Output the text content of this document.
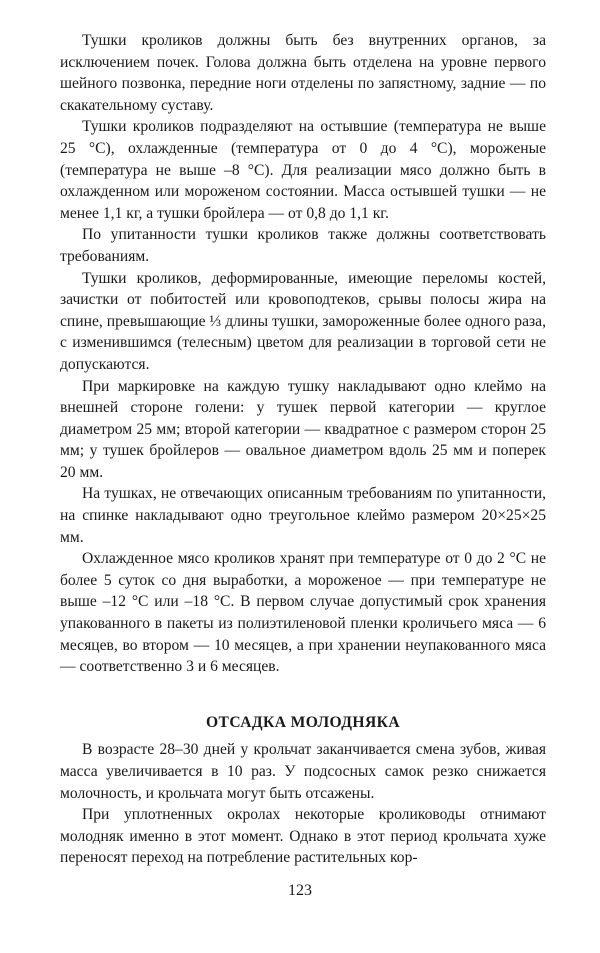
Тушки кроликов должны быть без внутренних органов, за исключением почек. Голова должна быть отделена на уровне первого шейного позвонка, передние ноги отделены по запястному, задние — по скакательному суставу.

Тушки кроликов подразделяют на остывшие (температура не выше 25 °С), охлажденные (температура от 0 до 4 °С), мороженые (температура не выше –8 °С). Для реализации мясо должно быть в охлажденном или мороженом состоянии. Масса остывшей тушки — не менее 1,1 кг, а тушки бройлера — от 0,8 до 1,1 кг.

По упитанности тушки кроликов также должны соответствовать требованиям.

Тушки кроликов, деформированные, имеющие переломы костей, зачистки от побитостей или кровоподтеков, срывы полосы жира на спине, превышающие ⅓ длины тушки, замороженные более одного раза, с изменившимся (телесным) цветом для реализации в торговой сети не допускаются.

При маркировке на каждую тушку накладывают одно клеймо на внешней стороне голени: у тушек первой категории — круглое диаметром 25 мм; второй категории — квадратное с размером сторон 25 мм; у тушек бройлеров — овальное диаметром вдоль 25 мм и поперек 20 мм.

На тушках, не отвечающих описанным требованиям по упитанности, на спинке накладывают одно треугольное клеймо размером 20×25×25 мм.

Охлажденное мясо кроликов хранят при температуре от 0 до 2 °С не более 5 суток со дня выработки, а мороженое — при температуре не выше –12 °С или –18 °С. В первом случае допустимый срок хранения упакованного в пакеты из полиэтиленовой пленки кроличьего мяса — 6 месяцев, во втором — 10 месяцев, а при хранении неупакованного мяса — соответственно 3 и 6 месяцев.

ОТСАДКА МОЛОДНЯКА

В возрасте 28–30 дней у крольчат заканчивается смена зубов, живая масса увеличивается в 10 раз. У подсосных самок резко снижается молочность, и крольчата могут быть отсажены.

При уплотненных окролах некоторые кролиководы отнимают молодняк именно в этот момент. Однако в этот период крольчата хуже переносят переход на потребление растительных кор-

123
